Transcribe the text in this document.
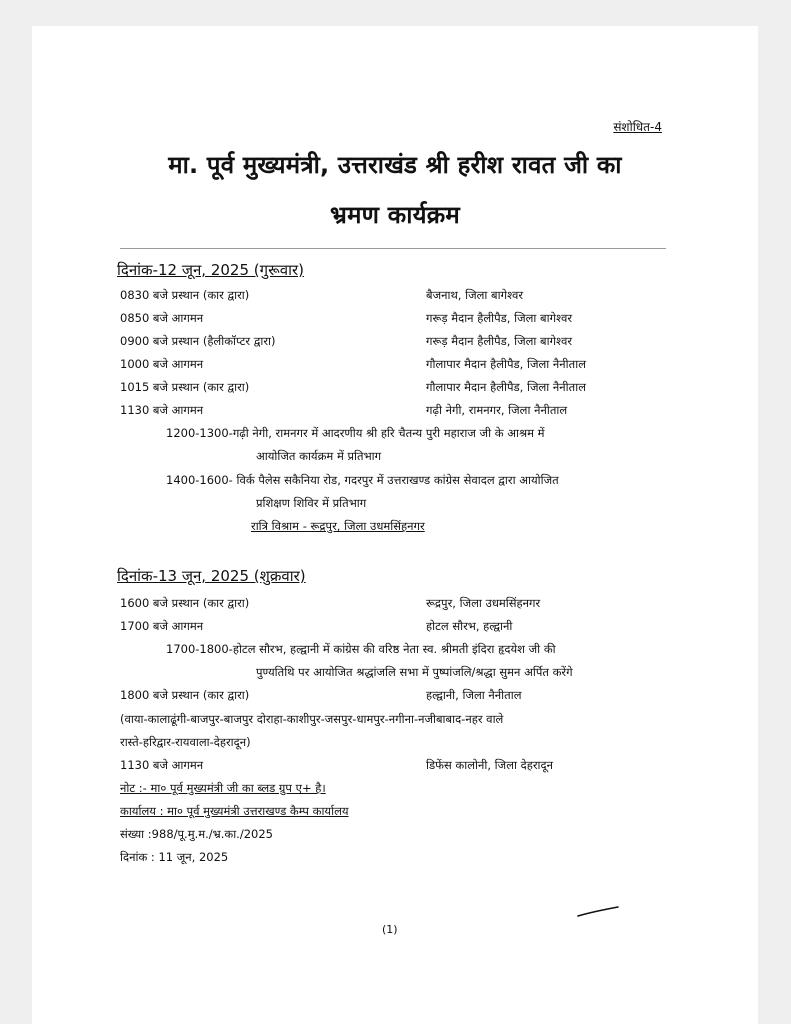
संशोधित-4
मा. पूर्व मुख्यमंत्री, उत्तराखंड श्री हरीश रावत जी का
भ्रमण कार्यक्रम
दिनांक-12 जून, 2025 (गुरूवार)
0830 बजे प्रस्थान (कार द्वारा)	बैजनाथ, जिला बागेश्वर
0850 बजे आगमन	गरूड़ मैदान हैलीपैड, जिला बागेश्वर
0900 बजे प्रस्थान (हैलीकॉप्टर द्वारा)	गरूड़ मैदान हैलीपैड, जिला बागेश्वर
1000 बजे आगमन	गौलापार मैदान हैलीपैड, जिला नैनीताल
1015 बजे प्रस्थान (कार द्वारा)	गौलापार मैदान हैलीपैड, जिला नैनीताल
1130 बजे आगमन	गढ़ी नेगी, रामनगर, जिला नैनीताल
1200-1300-गढ़ी नेगी, रामनगर में आदरणीय श्री हरि चैतन्य पुरी महाराज जी के आश्रम में
आयोजित कार्यक्रम में प्रतिभाग
1400-1600- विर्क पैलेस सकैनिया रोड, गदरपुर में उत्तराखण्ड कांग्रेस सेवादल द्वारा आयोजित
प्रशिक्षण शिविर में प्रतिभाग
रात्रि विश्राम - रूद्रपुर, जिला उधमसिंहनगर
दिनांक-13 जून, 2025 (शुक्रवार)
1600 बजे प्रस्थान (कार द्वारा)	रूद्रपुर, जिला उधमसिंहनगर
1700 बजे आगमन	होटल सौरभ, हल्द्वानी
1700-1800-होटल सौरभ, हल्द्वानी में कांग्रेस की वरिष्ठ नेता स्व. श्रीमती इंदिरा हृदयेश जी की
पुण्यतिथि पर आयोजित श्रद्धांजलि सभा में पुष्पांजलि/श्रद्धा सुमन अर्पित करेंगे
1800 बजे प्रस्थान (कार द्वारा)	हल्द्वानी, जिला नैनीताल
(वाया-कालाढूंगी-बाजपुर-बाजपुर दोराहा-काशीपुर-जसपुर-धामपुर-नगीना-नजीबाबाद-नहर वाले
रास्ते-हरिद्वार-रायवाला-देहरादून)
1130 बजे आगमन	डिफेंस कालोनी, जिला देहरादून
नोट :- मा० पूर्व मुख्यमंत्री जी का ब्लड ग्रुप ए+ है।
कार्यालय : मा० पूर्व मुख्यमंत्री उत्तराखण्ड कैम्प कार्यालय
संख्या :988/पू.मु.म./भ्र.का./2025
दिनांक : 11 जून, 2025
(1)
